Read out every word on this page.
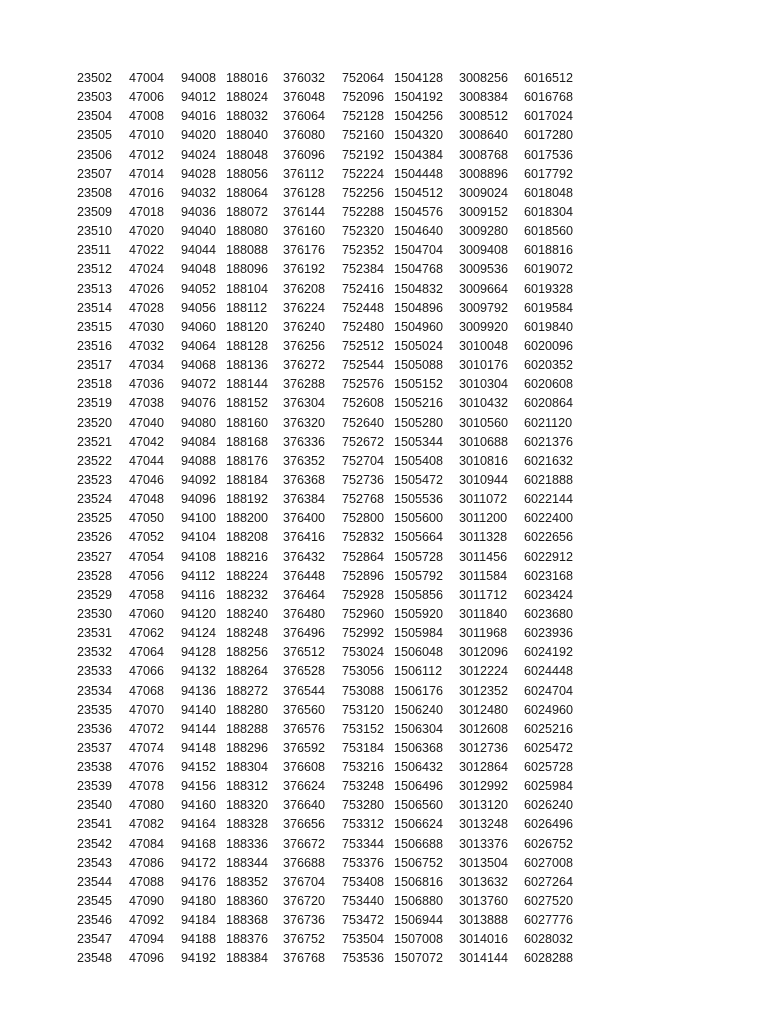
23502 47004 94008 188016 376032 752064 1504128 3008256 6016512
23503 47006 94012 188024 376048 752096 1504192 3008384 6016768
23504 47008 94016 188032 376064 752128 1504256 3008512 6017024
23505 47010 94020 188040 376080 752160 1504320 3008640 6017280
23506 47012 94024 188048 376096 752192 1504384 3008768 6017536
23507 47014 94028 188056 376112 752224 1504448 3008896 6017792
23508 47016 94032 188064 376128 752256 1504512 3009024 6018048
23509 47018 94036 188072 376144 752288 1504576 3009152 6018304
23510 47020 94040 188080 376160 752320 1504640 3009280 6018560
23511 47022 94044 188088 376176 752352 1504704 3009408 6018816
23512 47024 94048 188096 376192 752384 1504768 3009536 6019072
23513 47026 94052 188104 376208 752416 1504832 3009664 6019328
23514 47028 94056 188112 376224 752448 1504896 3009792 6019584
23515 47030 94060 188120 376240 752480 1504960 3009920 6019840
23516 47032 94064 188128 376256 752512 1505024 3010048 6020096
23517 47034 94068 188136 376272 752544 1505088 3010176 6020352
23518 47036 94072 188144 376288 752576 1505152 3010304 6020608
23519 47038 94076 188152 376304 752608 1505216 3010432 6020864
23520 47040 94080 188160 376320 752640 1505280 3010560 6021120
23521 47042 94084 188168 376336 752672 1505344 3010688 6021376
23522 47044 94088 188176 376352 752704 1505408 3010816 6021632
23523 47046 94092 188184 376368 752736 1505472 3010944 6021888
23524 47048 94096 188192 376384 752768 1505536 3011072 6022144
23525 47050 94100 188200 376400 752800 1505600 3011200 6022400
23526 47052 94104 188208 376416 752832 1505664 3011328 6022656
23527 47054 94108 188216 376432 752864 1505728 3011456 6022912
23528 47056 94112 188224 376448 752896 1505792 3011584 6023168
23529 47058 94116 188232 376464 752928 1505856 3011712 6023424
23530 47060 94120 188240 376480 752960 1505920 3011840 6023680
23531 47062 94124 188248 376496 752992 1505984 3011968 6023936
23532 47064 94128 188256 376512 753024 1506048 3012096 6024192
23533 47066 94132 188264 376528 753056 1506112 3012224 6024448
23534 47068 94136 188272 376544 753088 1506176 3012352 6024704
23535 47070 94140 188280 376560 753120 1506240 3012480 6024960
23536 47072 94144 188288 376576 753152 1506304 3012608 6025216
23537 47074 94148 188296 376592 753184 1506368 3012736 6025472
23538 47076 94152 188304 376608 753216 1506432 3012864 6025728
23539 47078 94156 188312 376624 753248 1506496 3012992 6025984
23540 47080 94160 188320 376640 753280 1506560 3013120 6026240
23541 47082 94164 188328 376656 753312 1506624 3013248 6026496
23542 47084 94168 188336 376672 753344 1506688 3013376 6026752
23543 47086 94172 188344 376688 753376 1506752 3013504 6027008
23544 47088 94176 188352 376704 753408 1506816 3013632 6027264
23545 47090 94180 188360 376720 753440 1506880 3013760 6027520
23546 47092 94184 188368 376736 753472 1506944 3013888 6027776
23547 47094 94188 188376 376752 753504 1507008 3014016 6028032
23548 47096 94192 188384 376768 753536 1507072 3014144 6028288
